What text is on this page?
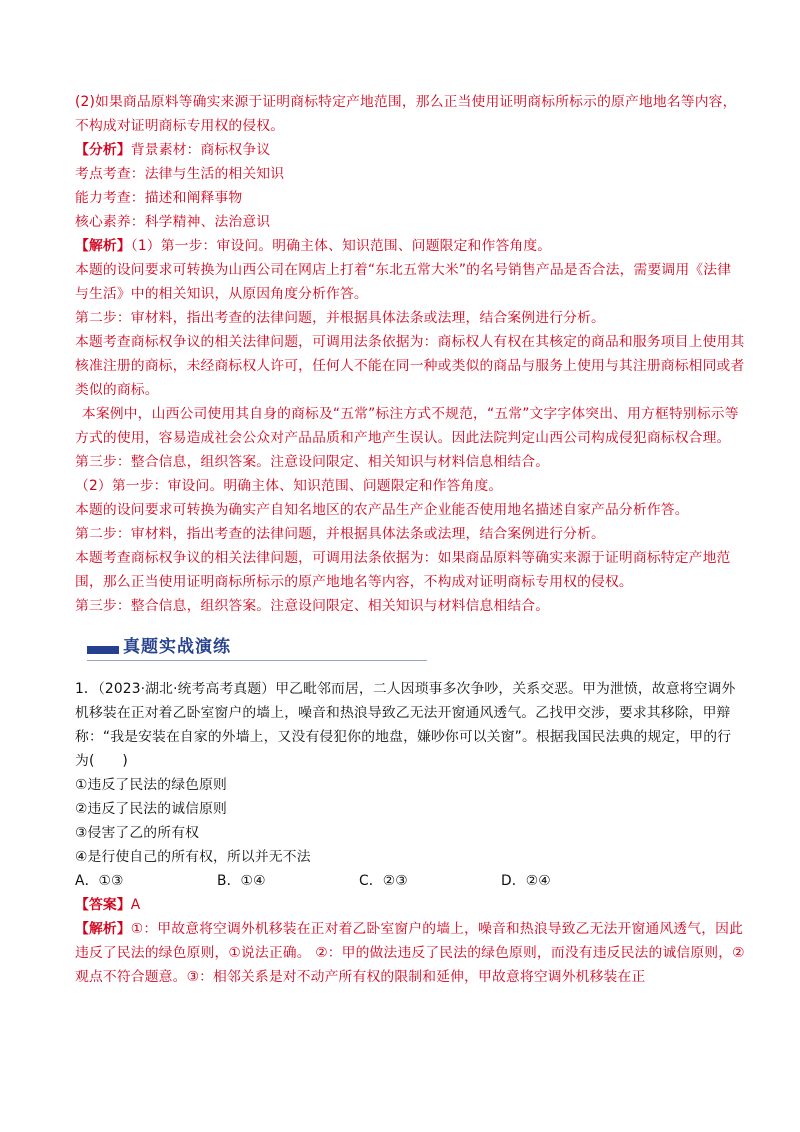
(2)如果商品原料等确实来源于证明商标特定产地范围，那么正当使用证明商标所标示的原产地地名等内容，不构成对证明商标专用权的侵权。

【分析】背景素材：商标权争议

考点考查：法律与生活的相关知识

能力考查：描述和阐释事物

核心素养：科学精神、法治意识

【解析】（1）第一步：审设问。明确主体、知识范围、问题限定和作答角度。

本题的设问要求可转换为山西公司在网店上打着“东北五常大米”的名号销售产品是否合法，需要调用《法律与生活》中的相关知识，从原因角度分析作答。

第二步：审材料，指出考查的法律问题，并根据具体法条或法理，结合案例进行分析。

本题考查商标权争议的相关法律问题，可调用法条依据为：商标权人有权在其核定的商品和服务项目上使用其核准注册的商标，未经商标权人许可，任何人不能在同一种或类似的商品与服务上使用与其注册商标相同或者类似的商标。

本案例中，山西公司使用其自身的商标及“五常”标注方式不规范，“五常”文字字体突出、用方框特别标示等方式的使用，容易造成社会公众对产品品质和产地产生误认。因此法院判定山西公司构成侵犯商标权合理。

第三步：整合信息，组织答案。注意设问限定、相关知识与材料信息相结合。

（2）第一步：审设问。明确主体、知识范围、问题限定和作答角度。

本题的设问要求可转换为确实产自知名地区的农产品生产企业能否使用地名描述自家产品分析作答。

第二步：审材料，指出考查的法律问题，并根据具体法条或法理，结合案例进行分析。

本题考查商标权争议的相关法律问题，可调用法条依据为：如果商品原料等确实来源于证明商标特定产地范围，那么正当使用证明商标所标示的原产地地名等内容，不构成对证明商标专用权的侵权。

第三步：整合信息，组织答案。注意设问限定、相关知识与材料信息相结合。

真题实战演练

1．（2023·湖北·统考高考真题）甲乙毗邻而居，二人因琐事多次争吵，关系交恶。甲为泄愤，故意将空调外机移装在正对着乙卧室窗户的墙上，噪音和热浪导致乙无法开窗通风透气。乙找甲交涉，要求其移除，甲辩称：“我是安装在自家的外墙上，又没有侵犯你的地盘，嫌吵你可以关窗”。根据我国民法典的规定，甲的行为(　　)

①违反了民法的绿色原则

②违反了民法的诚信原则

③侵害了乙的所有权

④是行使自己的所有权，所以并无不法

A．①③	B．①④	C．②③	D．②④

【答案】A

【解析】①：甲故意将空调外机移装在正对着乙卧室窗户的墙上，噪音和热浪导致乙无法开窗通风透气，因此违反了民法的绿色原则，①说法正确。 ②：甲的做法违反了民法的绿色原则，而没有违反民法的诚信原则，②观点不符合题意。③：相邻关系是对不动产所有权的限制和延伸，甲故意将空调外机移装在正
